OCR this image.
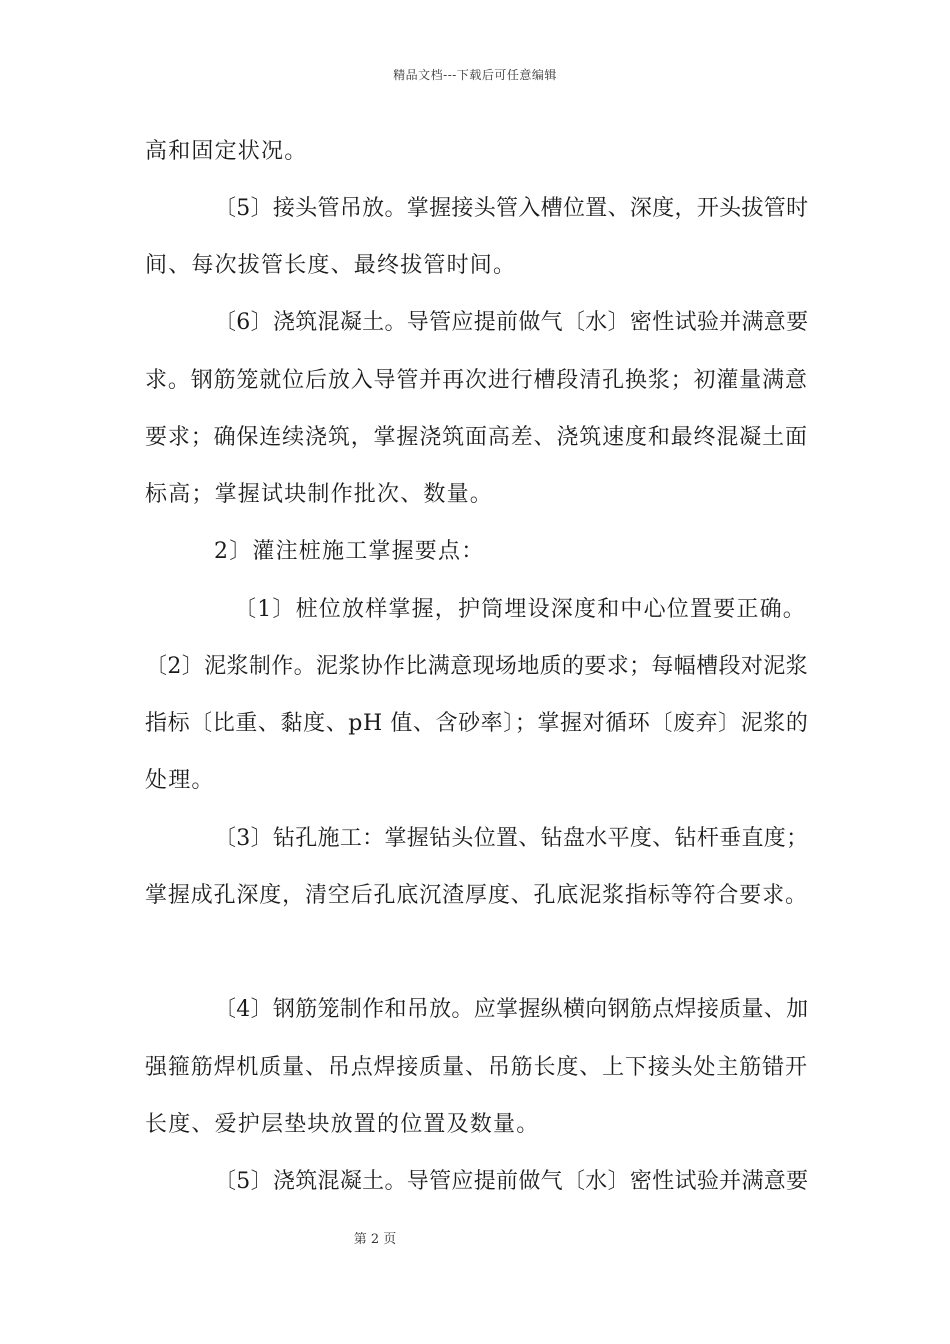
精品文档---下载后可任意编辑
高和固定状况。
〔5〕接头管吊放。掌握接头管入槽位置、深度，开头拔管时
间、每次拔管长度、最终拔管时间。
〔6〕浇筑混凝土。导管应提前做气〔水〕密性试验并满意要
求。钢筋笼就位后放入导管并再次进行槽段清孔换浆；初灌量满意
要求；确保连续浇筑，掌握浇筑面高差、浇筑速度和最终混凝土面
标高；掌握试块制作批次、数量。
2〕灌注桩施工掌握要点：
〔1〕桩位放样掌握，护筒埋设深度和中心位置要正确。
〔2〕泥浆制作。泥浆协作比满意现场地质的要求；每幅槽段对泥浆
指标〔比重、黏度、pH 值、含砂率〕；掌握对循环〔废弃〕泥浆的
处理。
〔3〕钻孔施工：掌握钻头位置、钻盘水平度、钻杆垂直度；
掌握成孔深度，清空后孔底沉渣厚度、孔底泥浆指标等符合要求。
〔4〕钢筋笼制作和吊放。应掌握纵横向钢筋点焊接质量、加
强箍筋焊机质量、吊点焊接质量、吊筋长度、上下接头处主筋错开
长度、爱护层垫块放置的位置及数量。
〔5〕浇筑混凝土。导管应提前做气〔水〕密性试验并满意要
第 2 页
